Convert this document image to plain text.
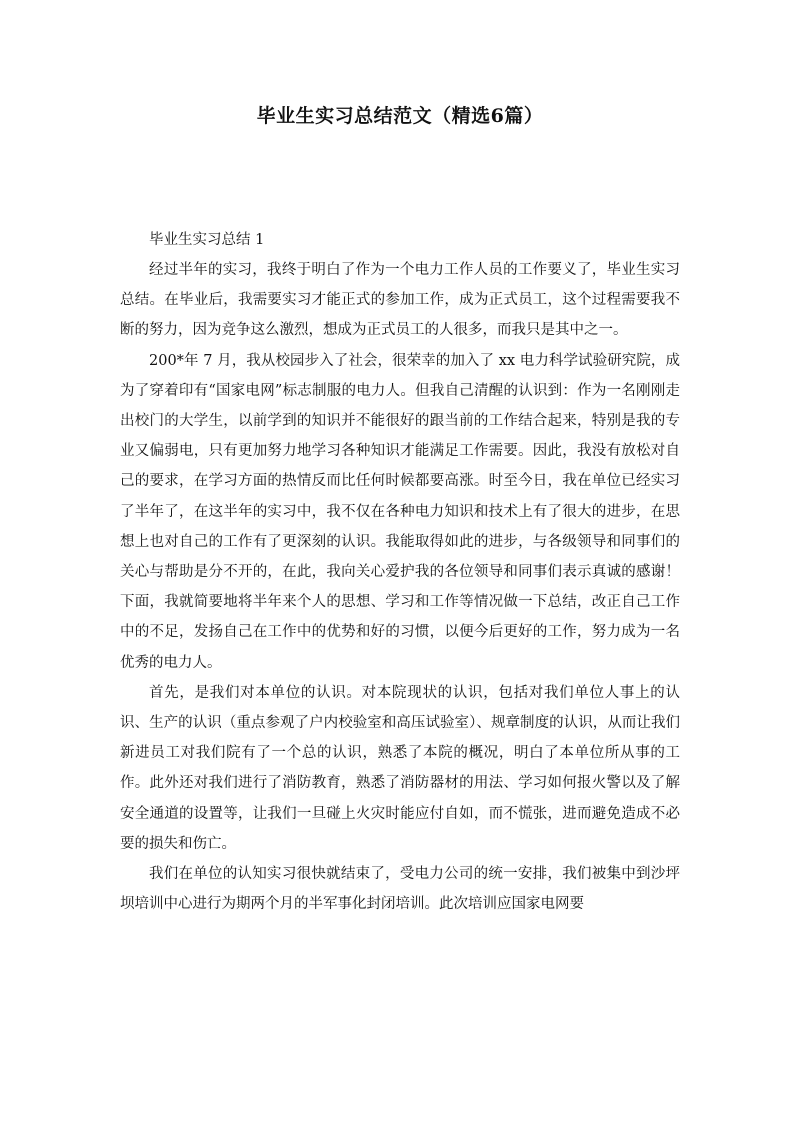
毕业生实习总结范文（精选6篇）

毕业生实习总结 1

经过半年的实习，我终于明白了作为一个电力工作人员的工作要义了，毕业生实习总结。在毕业后，我需要实习才能正式的参加工作，成为正式员工，这个过程需要我不断的努力，因为竞争这么激烈，想成为正式员工的人很多，而我只是其中之一。

200*年 7 月，我从校园步入了社会，很荣幸的加入了 xx 电力科学试验研究院，成为了穿着印有“国家电网”标志制服的电力人。但我自己清醒的认识到：作为一名刚刚走出校门的大学生，以前学到的知识并不能很好的跟当前的工作结合起来，特别是我的专业又偏弱电，只有更加努力地学习各种知识才能满足工作需要。因此，我没有放松对自己的要求，在学习方面的热情反而比任何时候都要高涨。时至今日，我在单位已经实习了半年了，在这半年的实习中，我不仅在各种电力知识和技术上有了很大的进步，在思想上也对自己的工作有了更深刻的认识。我能取得如此的进步，与各级领导和同事们的关心与帮助是分不开的，在此，我向关心爱护我的各位领导和同事们表示真诚的感谢！下面，我就简要地将半年来个人的思想、学习和工作等情况做一下总结，改正自己工作中的不足，发扬自己在工作中的优势和好的习惯，以便今后更好的工作，努力成为一名优秀的电力人。

首先，是我们对本单位的认识。对本院现状的认识，包括对我们单位人事上的认识、生产的认识（重点参观了户内校验室和高压试验室）、规章制度的认识，从而让我们新进员工对我们院有了一个总的认识，熟悉了本院的概况，明白了本单位所从事的工作。此外还对我们进行了消防教育，熟悉了消防器材的用法、学习如何报火警以及了解安全通道的设置等，让我们一旦碰上火灾时能应付自如，而不慌张，进而避免造成不必要的损失和伤亡。

我们在单位的认知实习很快就结束了，受电力公司的统一安排，我们被集中到沙坪坝培训中心进行为期两个月的半军事化封闭培训。此次培训应国家电网要
